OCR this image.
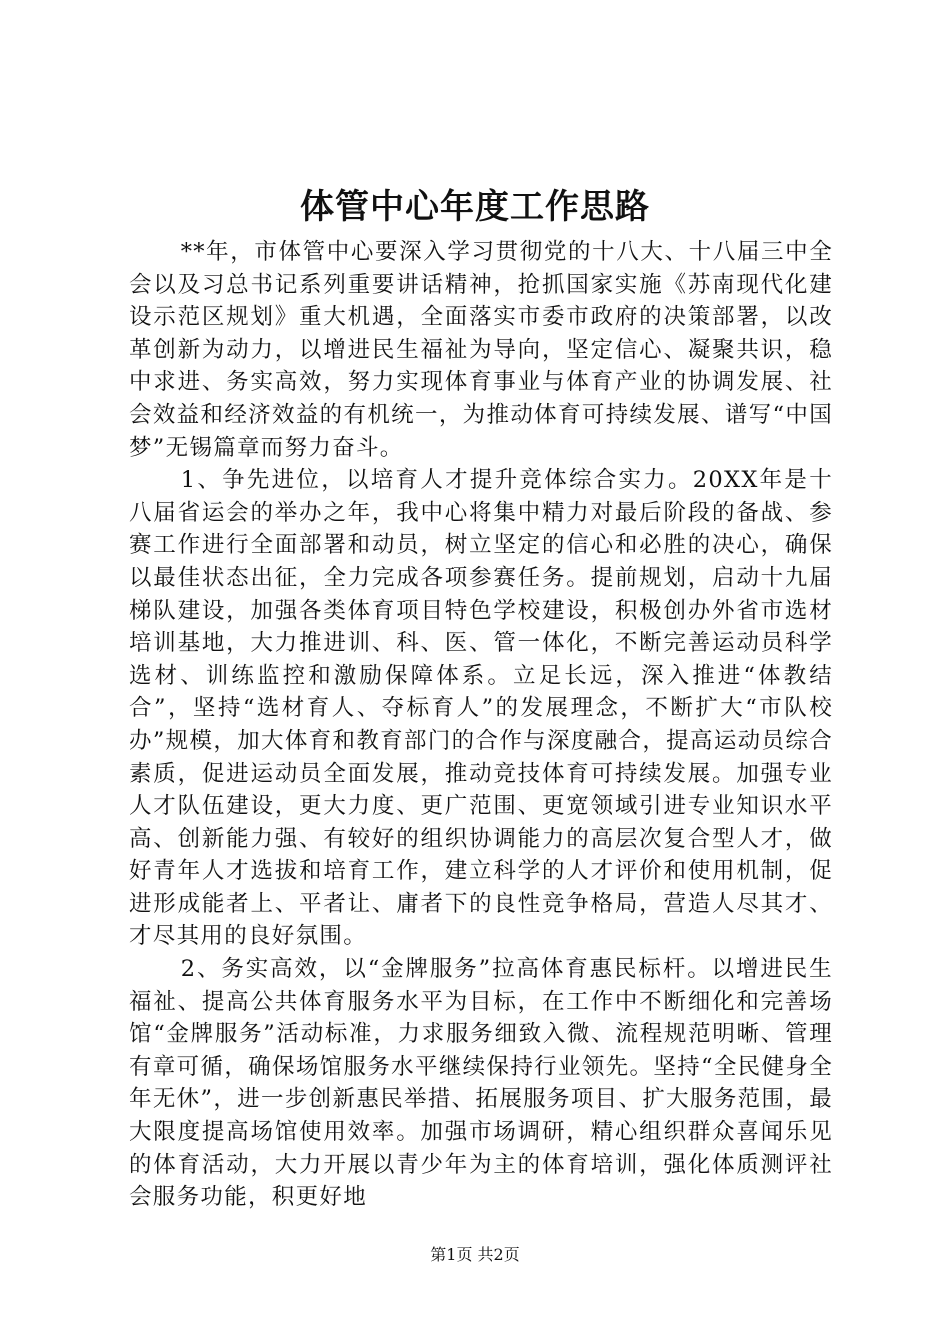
体管中心年度工作思路

**年，市体管中心要深入学习贯彻党的十八大、十八届三中全会以及习总书记系列重要讲话精神，抢抓国家实施《苏南现代化建设示范区规划》重大机遇，全面落实市委市政府的决策部署，以改革创新为动力，以增进民生福祉为导向，坚定信心、凝聚共识，稳中求进、务实高效，努力实现体育事业与体育产业的协调发展、社会效益和经济效益的有机统一，为推动体育可持续发展、谱写“中国梦”无锡篇章而努力奋斗。

1、争先进位，以培育人才提升竞体综合实力。20XX年是十八届省运会的举办之年，我中心将集中精力对最后阶段的备战、参赛工作进行全面部署和动员，树立坚定的信心和必胜的决心，确保以最佳状态出征，全力完成各项参赛任务。提前规划，启动十九届梯队建设，加强各类体育项目特色学校建设，积极创办外省市选材培训基地，大力推进训、科、医、管一体化，不断完善运动员科学选材、训练监控和激励保障体系。立足长远，深入推进“体教结合”，坚持“选材育人、夺标育人”的发展理念，不断扩大“市队校办”规模，加大体育和教育部门的合作与深度融合，提高运动员综合素质，促进运动员全面发展，推动竞技体育可持续发展。加强专业人才队伍建设，更大力度、更广范围、更宽领域引进专业知识水平高、创新能力强、有较好的组织协调能力的高层次复合型人才，做好青年人才选拔和培育工作，建立科学的人才评价和使用机制，促进形成能者上、平者让、庸者下的良性竞争格局，营造人尽其才、才尽其用的良好氛围。

2、务实高效，以“金牌服务”拉高体育惠民标杆。以增进民生福祉、提高公共体育服务水平为目标，在工作中不断细化和完善场馆“金牌服务”活动标准，力求服务细致入微、流程规范明晰、管理有章可循，确保场馆服务水平继续保持行业领先。坚持“全民健身全年无休”，进一步创新惠民举措、拓展服务项目、扩大服务范围，最大限度提高场馆使用效率。加强市场调研，精心组织群众喜闻乐见的体育活动，大力开展以青少年为主的体育培训，强化体质测评社会服务功能，积更好地

第1页 共2页
